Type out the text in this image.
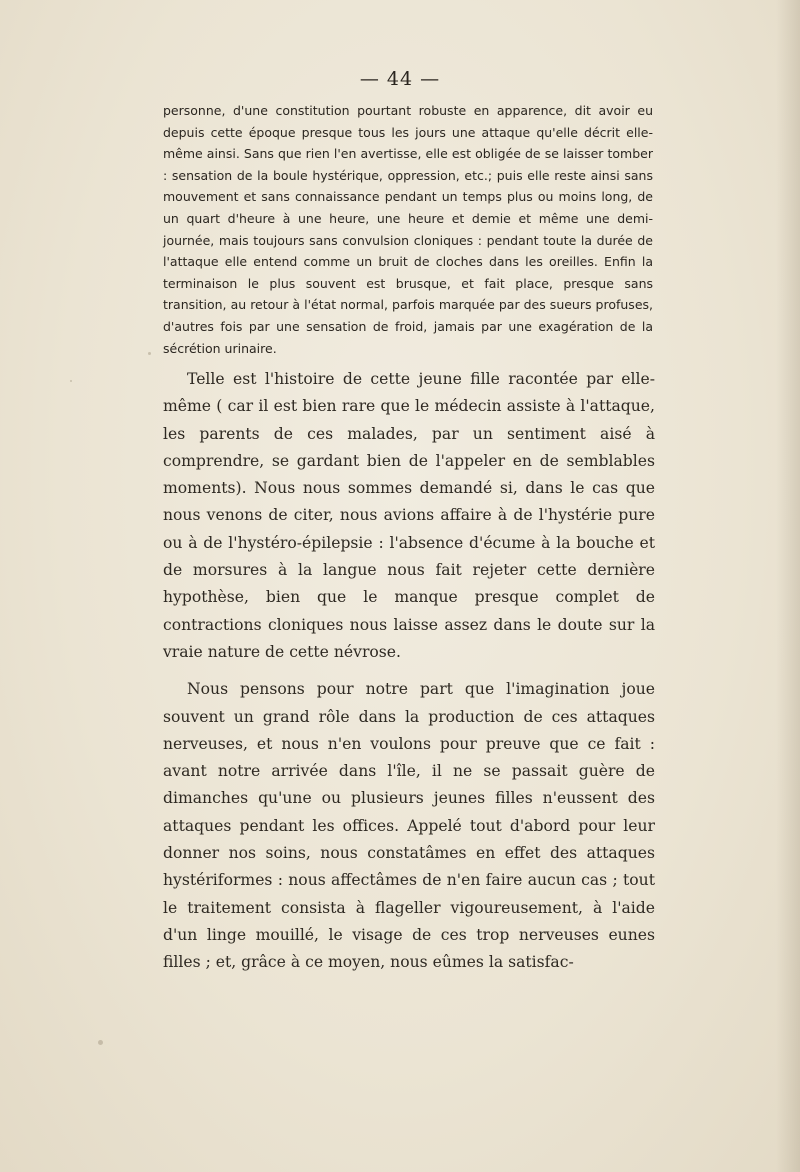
— 44 —

personne, d'une constitution pourtant robuste en apparence, dit avoir eu depuis cette époque presque tous les jours une attaque qu'elle décrit elle-même ainsi. Sans que rien l'en avertisse, elle est obligée de se laisser tomber : sensation de la boule hystérique, oppression, etc.; puis elle reste ainsi sans mouvement et sans connaissance pendant un temps plus ou moins long, de un quart d'heure à une heure, une heure et demie et même une demi-journée, mais toujours sans convulsion cloniques : pendant toute la durée de l'attaque elle entend comme un bruit de cloches dans les oreilles. Enfin la terminaison le plus souvent est brusque, et fait place, presque sans transition, au retour à l'état normal, parfois marquée par des sueurs profuses, d'autres fois par une sensation de froid, jamais par une exagération de la sécrétion urinaire.

Telle est l'histoire de cette jeune fille racontée par elle-même ( car il est bien rare que le médecin assiste à l'attaque, les parents de ces malades, par un sentiment aisé à comprendre, se gardant bien de l'appeler en de semblables moments). Nous nous sommes demandé si, dans le cas que nous venons de citer, nous avions affaire à de l'hystérie pure ou à de l'hystéro-épilepsie : l'absence d'écume à la bouche et de morsures à la langue nous fait rejeter cette dernière hypothèse, bien que le manque presque complet de contractions cloniques nous laisse assez dans le doute sur la vraie nature de cette névrose.

Nous pensons pour notre part que l'imagination joue souvent un grand rôle dans la production de ces attaques nerveuses, et nous n'en voulons pour preuve que ce fait : avant notre arrivée dans l'île, il ne se passait guère de dimanches qu'une ou plusieurs jeunes filles n'eussent des attaques pendant les offices. Appelé tout d'abord pour leur donner nos soins, nous constatâmes en effet des attaques hystériformes : nous affectâmes de n'en faire aucun cas ; tout le traitement consista à flageller vigoureusement, à l'aide d'un linge mouillé, le visage de ces trop nerveuses eunes filles ; et, grâce à ce moyen, nous eûmes la satisfac-
